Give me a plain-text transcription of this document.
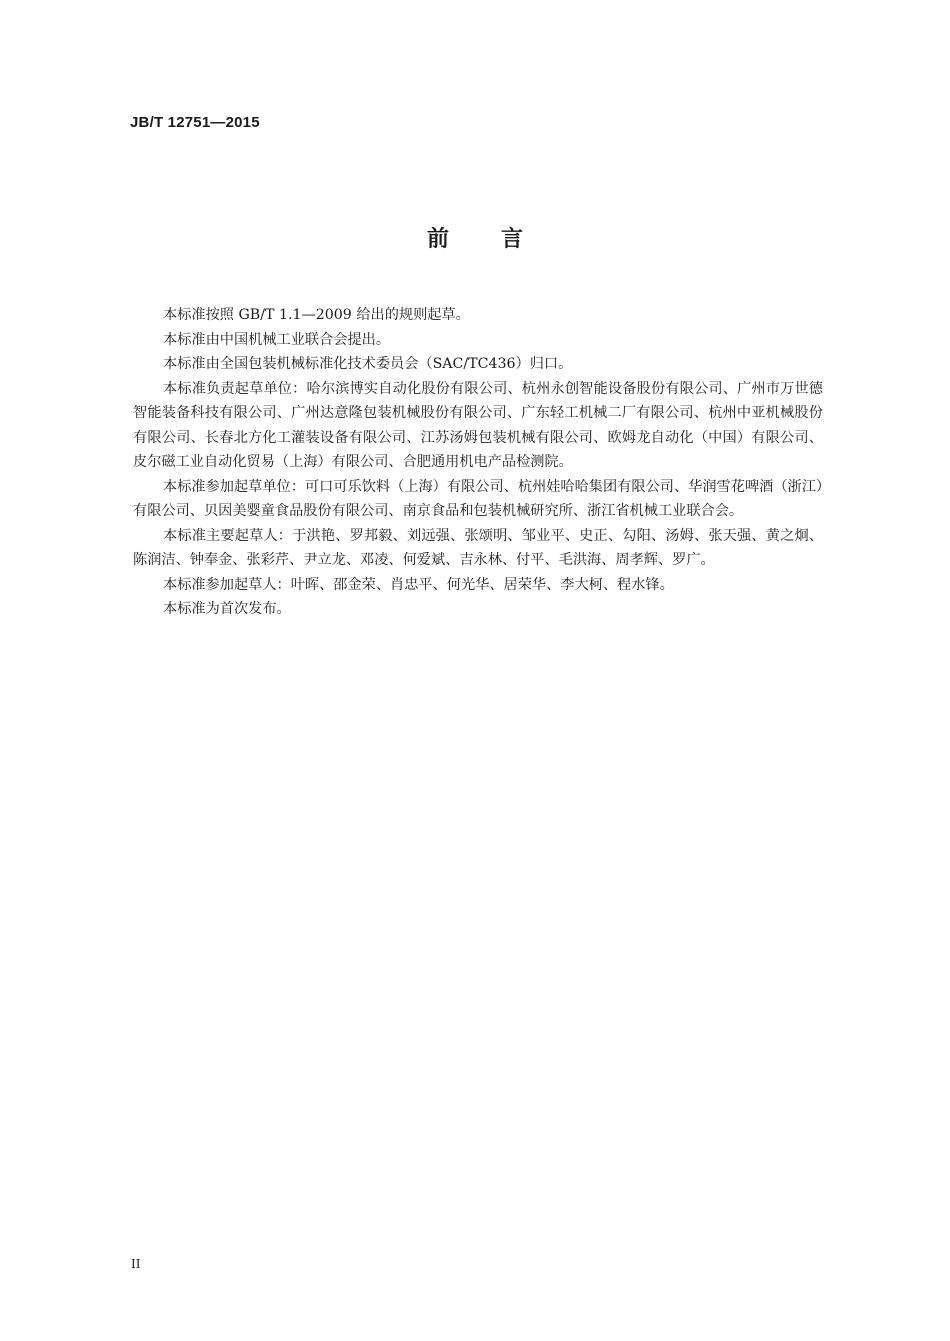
JB/T 12751—2015
前言

本标准按照 GB/T 1.1—2009 给出的规则起草。

本标准由中国机械工业联合会提出。

本标准由全国包装机械标准化技术委员会（SAC/TC436）归口。

本标准负责起草单位：哈尔滨博实自动化股份有限公司、杭州永创智能设备股份有限公司、广州市万世德智能装备科技有限公司、广州达意隆包装机械股份有限公司、广东轻工机械二厂有限公司、杭州中亚机械股份有限公司、长春北方化工灌装设备有限公司、江苏汤姆包装机械有限公司、欧姆龙自动化（中国）有限公司、皮尔磁工业自动化贸易（上海）有限公司、合肥通用机电产品检测院。

本标准参加起草单位：可口可乐饮料（上海）有限公司、杭州娃哈哈集团有限公司、华润雪花啤酒（浙江）有限公司、贝因美婴童食品股份有限公司、南京食品和包装机械研究所、浙江省机械工业联合会。

本标准主要起草人：于洪艳、罗邦毅、刘远强、张颂明、邹业平、史正、勾阳、汤姆、张天强、黄之炯、陈润洁、钟奉金、张彩芹、尹立龙、邓凌、何爱斌、吉永林、付平、毛洪海、周孝辉、罗广。

本标准参加起草人：叶晖、邵金荣、肖忠平、何光华、居荣华、李大柯、程水锋。

本标准为首次发布。

II
